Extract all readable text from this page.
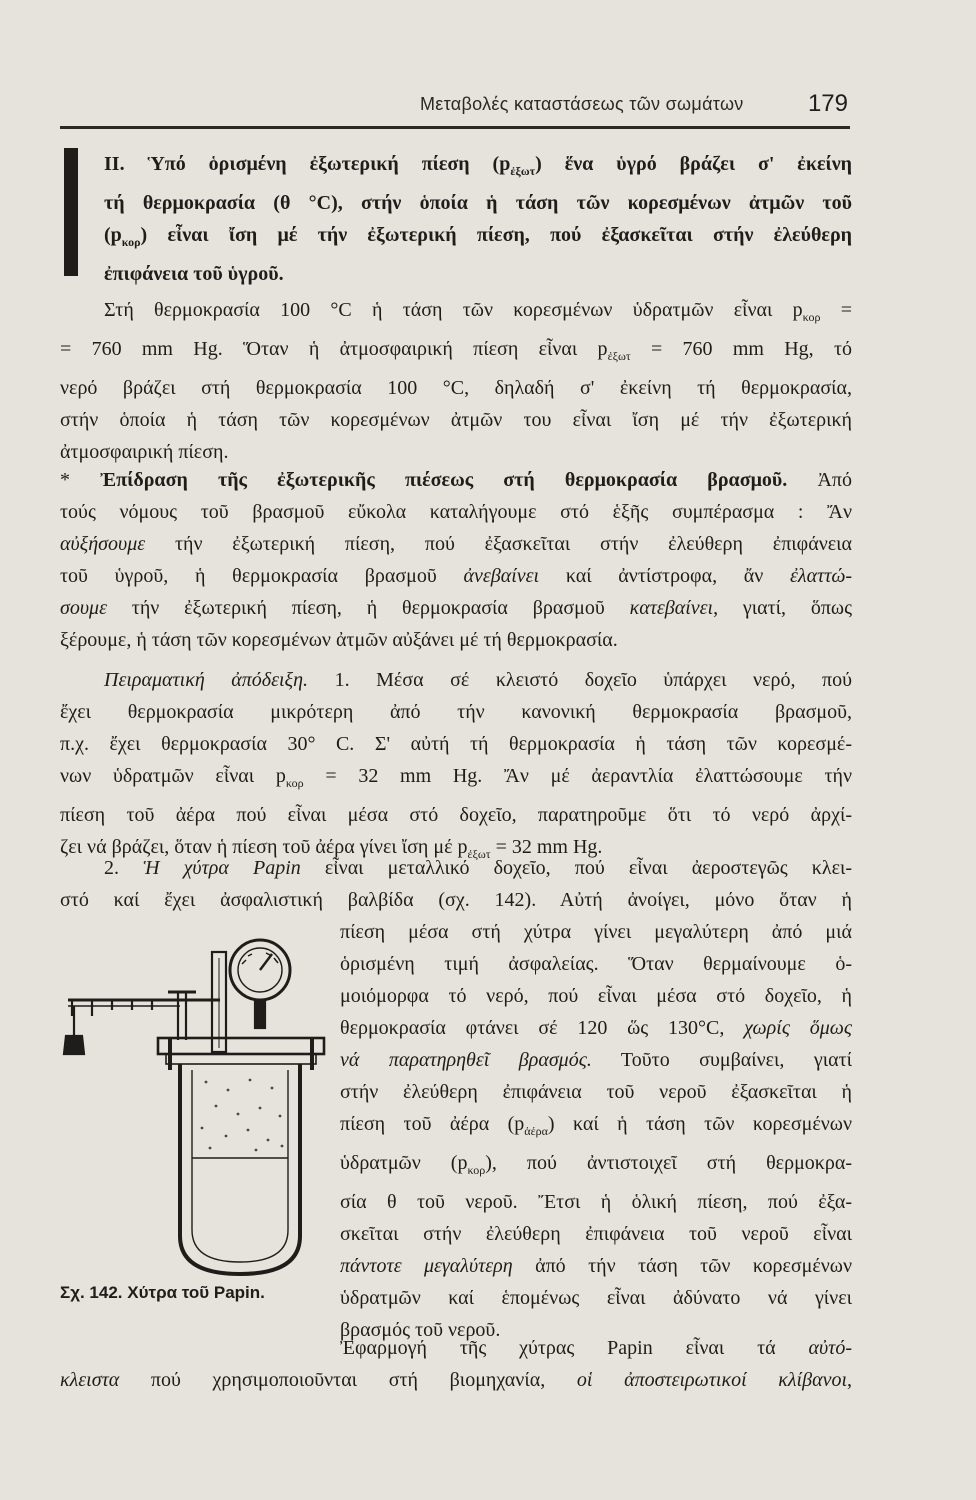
Μεταβολές καταστάσεως τῶν σωμάτων	179

ΙΙ. Ὑπό ὁρισμένη ἐξωτερική πίεση $(p_{ἐ\xi\omega\tau})$ ἕνα ὑγρό βράζει σ' ἐκείνη
τή θερμοκρασία (θ °C), στήν ὁποία ἡ τάση τῶν κορεσμένων ἀτμῶν τοῦ
$(p_{\kappa o\rho})$ εἶναι ἴση μέ τήν ἐξωτερική πίεση, πού ἐξασκεῖται στήν ἐλεύθερη
ἐπιφάνεια τοῦ ὑγροῦ.

Στή θερμοκρασία 100 °C ἡ τάση τῶν κορεσμένων ὑδρατμῶν εἶναι $p_{\kappa o\rho}$ =
= 760 mm Hg. Ὅταν ἡ ἀτμοσφαιρική πίεση εἶναι $p_{ἐ\xi\omega\tau} = 760$ mm Hg, τό
νερό βράζει στή θερμοκρασία 100 °C, δηλαδή σ' ἐκείνη τή θερμοκρασία,
στήν ὁποία ἡ τάση τῶν κορεσμένων ἀτμῶν του εἶναι ἴση μέ τήν ἐξωτερική
ἀτμοσφαιρική πίεση.

* Ἐπίδραση τῆς ἐξωτερικῆς πιέσεως στή θερμοκρασία βρασμοῦ. Ἀπό
τούς νόμους τοῦ βρασμοῦ εὔκολα καταλήγουμε στό ἑξῆς συμπέρασμα : Ἄν
αὐξήσουμε τήν ἐξωτερική πίεση, πού ἐξασκεῖται στήν ἐλεύθερη ἐπιφάνεια
τοῦ ὑγροῦ, ἡ θερμοκρασία βρασμοῦ ἀνεβαίνει καί ἀντίστροφα, ἄν ἐλαττώ-
σουμε τήν ἐξωτερική πίεση, ἡ θερμοκρασία βρασμοῦ κατεβαίνει, γιατί, ὅπως
ξέρουμε, ἡ τάση τῶν κορεσμένων ἀτμῶν αὐξάνει μέ τή θερμοκρασία.

Πειραματική ἀπόδειξη. 1. Μέσα σέ κλειστό δοχεῖο ὑπάρχει νερό, πού
ἔχει θερμοκρασία μικρότερη ἀπό τήν κανονική θερμοκρασία βρασμοῦ,
π.χ. ἔχει θερμοκρασία 30° C. Σ' αὐτή τή θερμοκρασία ἡ τάση τῶν κορεσμέ-
νων ὑδρατμῶν εἶναι $p_{\kappa o\rho} = 32$ mm Hg. Ἄν μέ ἀεραντλία ἐλαττώσουμε τήν
πίεση τοῦ ἀέρα πού εἶναι μέσα στό δοχεῖο, παρατηροῦμε ὅτι τό νερό ἀρχί-
ζει νά βράζει, ὅταν ἡ πίεση τοῦ ἀέρα γίνει ἴση μέ $p_{ἐ\xi\omega\tau} = 32$ mm Hg.

2. Ἡ χύτρα Papin εἶναι μεταλλικό δοχεῖο, πού εἶναι ἀεροστεγῶς κλει-
στό καί ἔχει ἀσφαλιστική βαλβίδα (σχ. 142). Αὐτή ἀνοίγει, μόνο ὅταν ἡ

πίεση μέσα στή χύτρα γίνει μεγαλύτερη ἀπό μιά
ὁρισμένη τιμή ἀσφαλείας. Ὅταν θερμαίνουμε ὁ-
μοιόμορφα τό νερό, πού εἶναι μέσα στό δοχεῖο, ἡ
θερμοκρασία φτάνει σέ 120 ὥς 130°C, χωρίς ὅμως
νά παρατηρηθεῖ βρασμός. Τοῦτο συμβαίνει, γιατί
στήν ἐλεύθερη ἐπιφάνεια τοῦ νεροῦ ἐξασκεῖται ἡ
πίεση τοῦ ἀέρα $(p_{ἀέ\rho\alpha})$ καί ἡ τάση τῶν κορεσμένων
ὑδρατμῶν $(p_{\kappa o\rho})$, πού ἀντιστοιχεῖ στή θερμοκρα-
σία θ τοῦ νεροῦ. Ἔτσι ἡ ὁλική πίεση, πού ἐξα-
σκεῖται στήν ἐλεύθερη ἐπιφάνεια τοῦ νεροῦ εἶναι
πάντοτε μεγαλύτερη ἀπό τήν τάση τῶν κορεσμένων
ὑδρατμῶν καί ἑπομένως εἶναι ἀδύνατο νά γίνει
βρασμός τοῦ νεροῦ.

Ἐφαρμογή τῆς χύτρας Papin εἶναι τά αὐτό-
κλειστα πού χρησιμοποιοῦνται στή βιομηχανία, οἱ ἀποστειρωτικοί κλίβανοι,

Σχ. 142. Χύτρα τοῦ Papin.
